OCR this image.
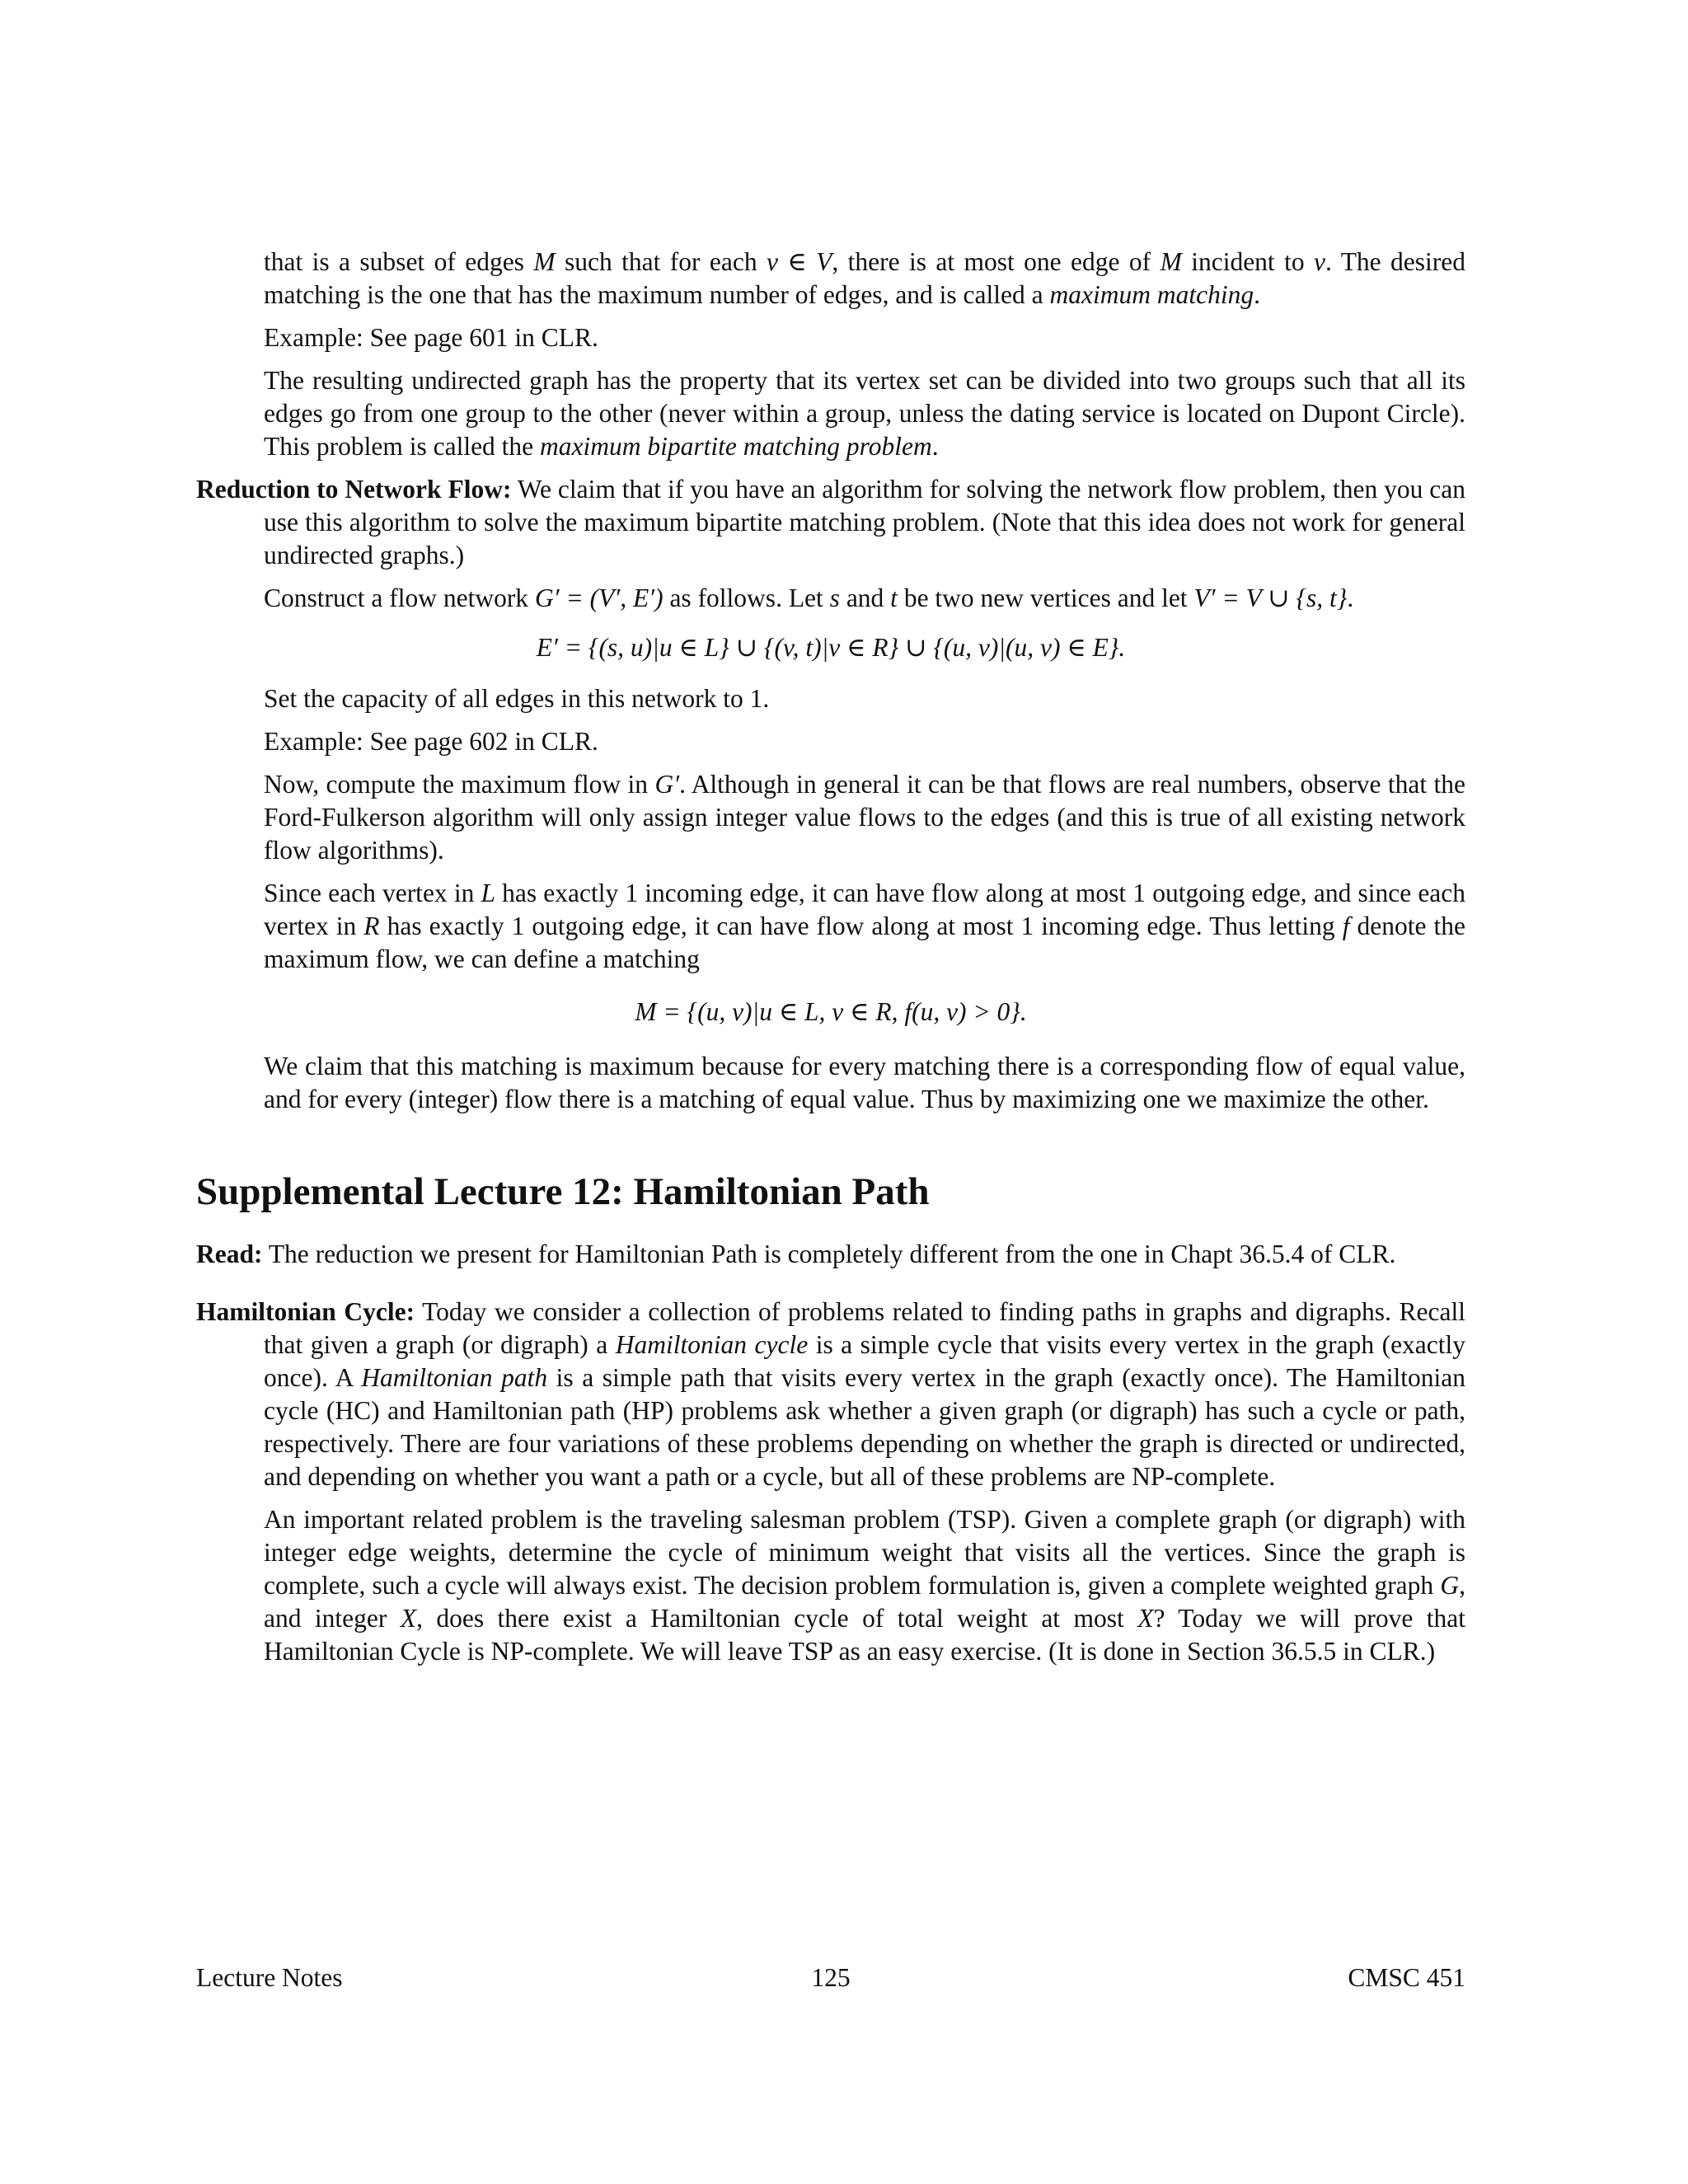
that is a subset of edges M such that for each v ∈ V, there is at most one edge of M incident to v. The desired matching is the one that has the maximum number of edges, and is called a maximum matching.

Example: See page 601 in CLR.

The resulting undirected graph has the property that its vertex set can be divided into two groups such that all its edges go from one group to the other (never within a group, unless the dating service is located on Dupont Circle). This problem is called the maximum bipartite matching problem.

Reduction to Network Flow: We claim that if you have an algorithm for solving the network flow problem, then you can use this algorithm to solve the maximum bipartite matching problem. (Note that this idea does not work for general undirected graphs.)

Construct a flow network G′ = (V′, E′) as follows. Let s and t be two new vertices and let V′ = V ∪ {s, t}.

E′ = {(s, u)|u ∈ L} ∪ {(v, t)|v ∈ R} ∪ {(u, v)|(u, v) ∈ E}.

Set the capacity of all edges in this network to 1.

Example: See page 602 in CLR.

Now, compute the maximum flow in G′. Although in general it can be that flows are real numbers, observe that the Ford-Fulkerson algorithm will only assign integer value flows to the edges (and this is true of all existing network flow algorithms).

Since each vertex in L has exactly 1 incoming edge, it can have flow along at most 1 outgoing edge, and since each vertex in R has exactly 1 outgoing edge, it can have flow along at most 1 incoming edge. Thus letting f denote the maximum flow, we can define a matching

M = {(u, v)|u ∈ L, v ∈ R, f(u, v) > 0}.

We claim that this matching is maximum because for every matching there is a corresponding flow of equal value, and for every (integer) flow there is a matching of equal value. Thus by maximizing one we maximize the other.

Supplemental Lecture 12: Hamiltonian Path

Read: The reduction we present for Hamiltonian Path is completely different from the one in Chapt 36.5.4 of CLR.

Hamiltonian Cycle: Today we consider a collection of problems related to finding paths in graphs and digraphs. Recall that given a graph (or digraph) a Hamiltonian cycle is a simple cycle that visits every vertex in the graph (exactly once). A Hamiltonian path is a simple path that visits every vertex in the graph (exactly once). The Hamiltonian cycle (HC) and Hamiltonian path (HP) problems ask whether a given graph (or digraph) has such a cycle or path, respectively. There are four variations of these problems depending on whether the graph is directed or undirected, and depending on whether you want a path or a cycle, but all of these problems are NP-complete.

An important related problem is the traveling salesman problem (TSP). Given a complete graph (or digraph) with integer edge weights, determine the cycle of minimum weight that visits all the vertices. Since the graph is complete, such a cycle will always exist. The decision problem formulation is, given a complete weighted graph G, and integer X, does there exist a Hamiltonian cycle of total weight at most X? Today we will prove that Hamiltonian Cycle is NP-complete. We will leave TSP as an easy exercise. (It is done in Section 36.5.5 in CLR.)

Lecture Notes	125	CMSC 451
